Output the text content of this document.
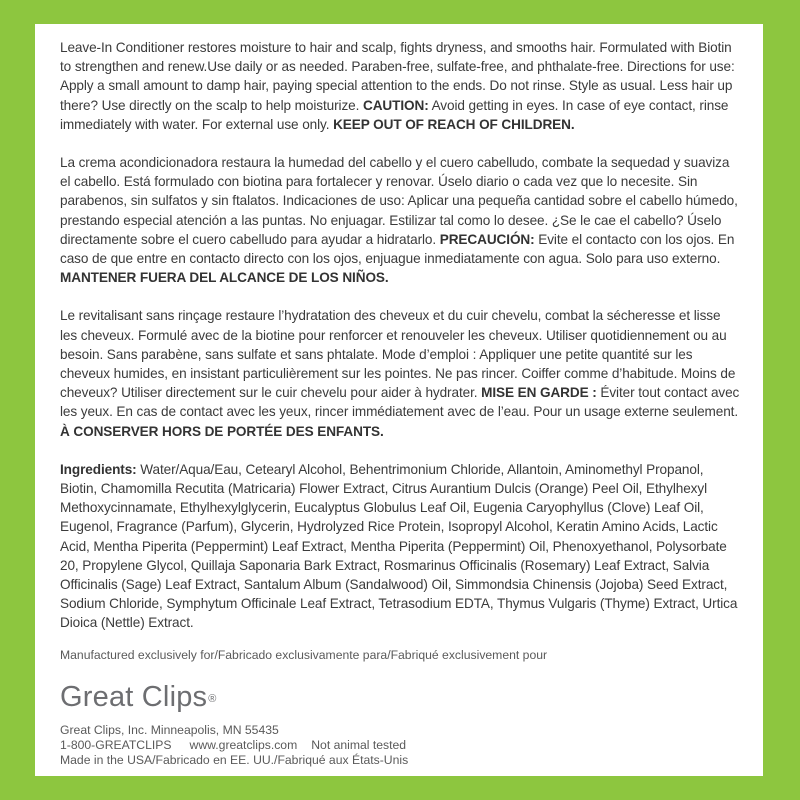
Leave-In Conditioner restores moisture to hair and scalp, fights dryness, and smooths hair. Formulated with Biotin to strengthen and renew.Use daily or as needed. Paraben-free, sulfate-free, and phthalate-free. Directions for use: Apply a small amount to damp hair, paying special attention to the ends. Do not rinse. Style as usual. Less hair up there? Use directly on the scalp to help moisturize. CAUTION: Avoid getting in eyes. In case of eye contact, rinse immediately with water. For external use only. KEEP OUT OF REACH OF CHILDREN.

La crema acondicionadora restaura la humedad del cabello y el cuero cabelludo, combate la sequedad y suaviza el cabello. Está formulado con biotina para fortalecer y renovar. Úselo diario o cada vez que lo necesite. Sin parabenos, sin sulfatos y sin ftalatos. Indicaciones de uso: Aplicar una pequeña cantidad sobre el cabello húmedo, prestando especial atención a las puntas. No enjuagar. Estilizar tal como lo desee. ¿Se le cae el cabello? Úselo directamente sobre el cuero cabelludo para ayudar a hidratarlo. PRECAUCIÓN: Evite el contacto con los ojos. En caso de que entre en contacto directo con los ojos, enjuague inmediatamente con agua. Solo para uso externo. MANTENER FUERA DEL ALCANCE DE LOS NIÑOS.

Le revitalisant sans rinçage restaure l’hydratation des cheveux et du cuir chevelu, combat la sécheresse et lisse les cheveux. Formulé avec de la biotine pour renforcer et renouveler les cheveux. Utiliser quotidiennement ou au besoin. Sans parabène, sans sulfate et sans phtalate. Mode d’emploi : Appliquer une petite quantité sur les cheveux humides, en insistant particulièrement sur les pointes. Ne pas rincer. Coiffer comme d’habitude. Moins de cheveux? Utiliser directement sur le cuir chevelu pour aider à hydrater. MISE EN GARDE : Éviter tout contact avec les yeux. En cas de contact avec les yeux, rincer immédiatement avec de l’eau. Pour un usage externe seulement. À CONSERVER HORS DE PORTÉE DES ENFANTS.

Ingredients: Water/Aqua/Eau, Cetearyl Alcohol, Behentrimonium Chloride, Allantoin, Aminomethyl Propanol, Biotin, Chamomilla Recutita (Matricaria) Flower Extract, Citrus Aurantium Dulcis (Orange) Peel Oil, Ethylhexyl Methoxycinnamate, Ethylhexylglycerin, Eucalyptus Globulus Leaf Oil, Eugenia Caryophyllus (Clove) Leaf Oil, Eugenol, Fragrance (Parfum), Glycerin, Hydrolyzed Rice Protein, Isopropyl Alcohol, Keratin Amino Acids, Lactic Acid, Mentha Piperita (Peppermint) Leaf Extract, Mentha Piperita (Peppermint) Oil, Phenoxyethanol, Polysorbate 20, Propylene Glycol, Quillaja Saponaria Bark Extract, Rosmarinus Officinalis (Rosemary) Leaf Extract, Salvia Officinalis (Sage) Leaf Extract, Santalum Album (Sandalwood) Oil, Simmondsia Chinensis (Jojoba) Seed Extract, Sodium Chloride, Symphytum Officinale Leaf Extract, Tetrasodium EDTA, Thymus Vulgaris (Thyme) Extract, Urtica Dioica (Nettle) Extract.

Manufactured exclusively for/Fabricado exclusivamente para/Fabriqué exclusivement pour

Great Clips®
Great Clips, Inc. Minneapolis, MN 55435
1-800-GREATCLIPS www.greatclips.com Not animal tested
Made in the USA/Fabricado en EE. UU./Fabriqué aux États-Unis
